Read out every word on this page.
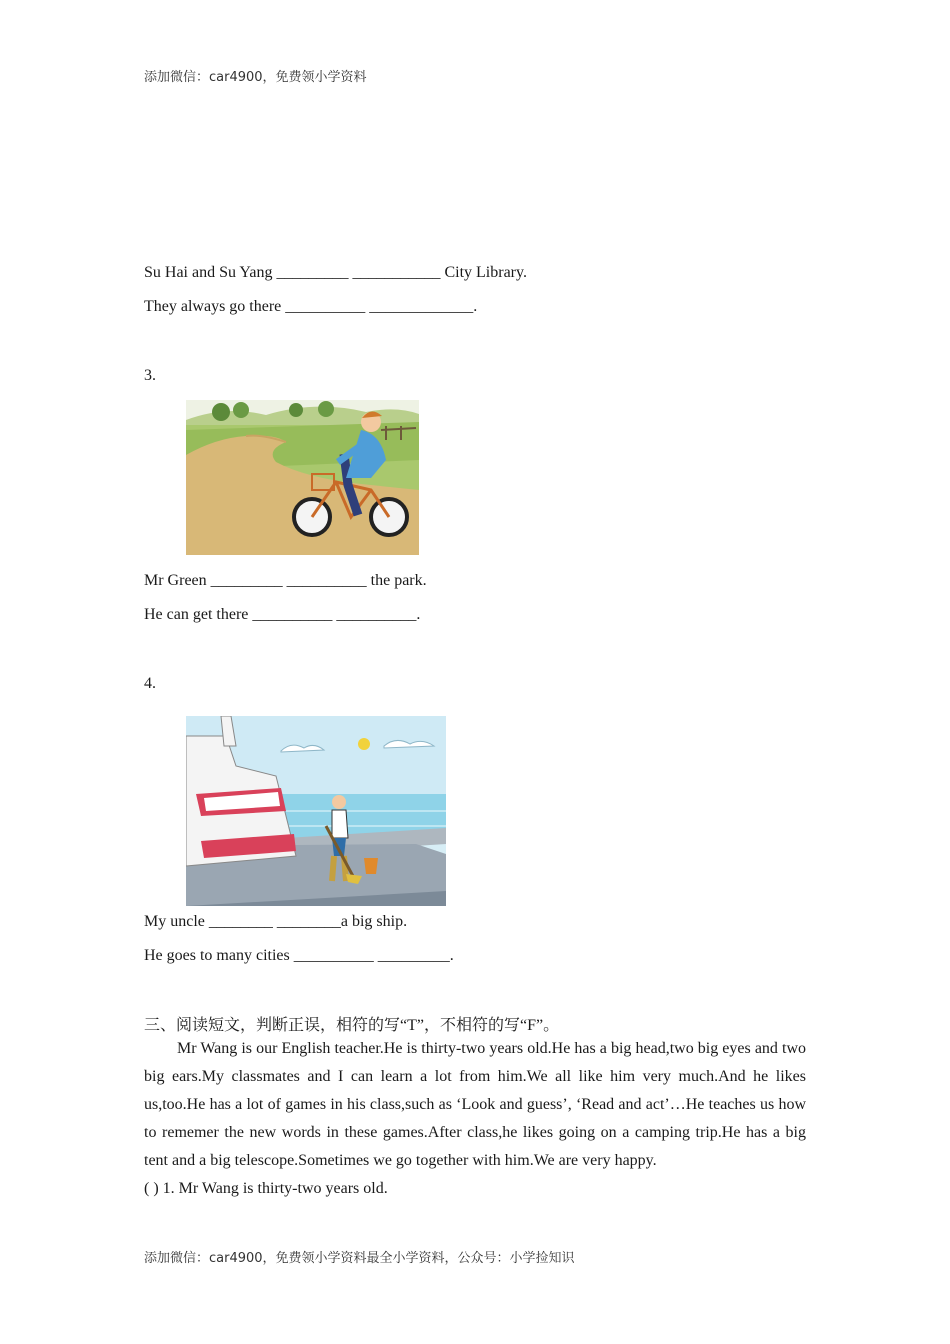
添加微信：car4900，免费领小学资料
Su Hai and Su Yang _________ ___________ City Library.
They always go there __________ _____________.
3.
Mr Green _________ __________ the park.
He can get there __________ __________.
4.
My uncle ________ ________a big ship.
He goes to many cities __________ _________.
三、阅读短文，判断正误，相符的写“T”，不相符的写“F”。
Mr Wang is our English teacher.He is thirty-two years old.He has a big head,two big eyes and two big ears.My classmates and I can learn a lot from him.We all like him very much.And he likes us,too.He has a lot of games in his class,such as ‘Look and guess’, ‘Read and act’…He teaches us how to rememer the new words in these games.After class,he likes going on a camping trip.He has a big tent and a big telescope.Sometimes we go together with him.We are very happy.
( ) 1. Mr Wang is thirty-two years old.
添加微信：car4900，免费领小学资料最全小学资料，公众号：小学捡知识
